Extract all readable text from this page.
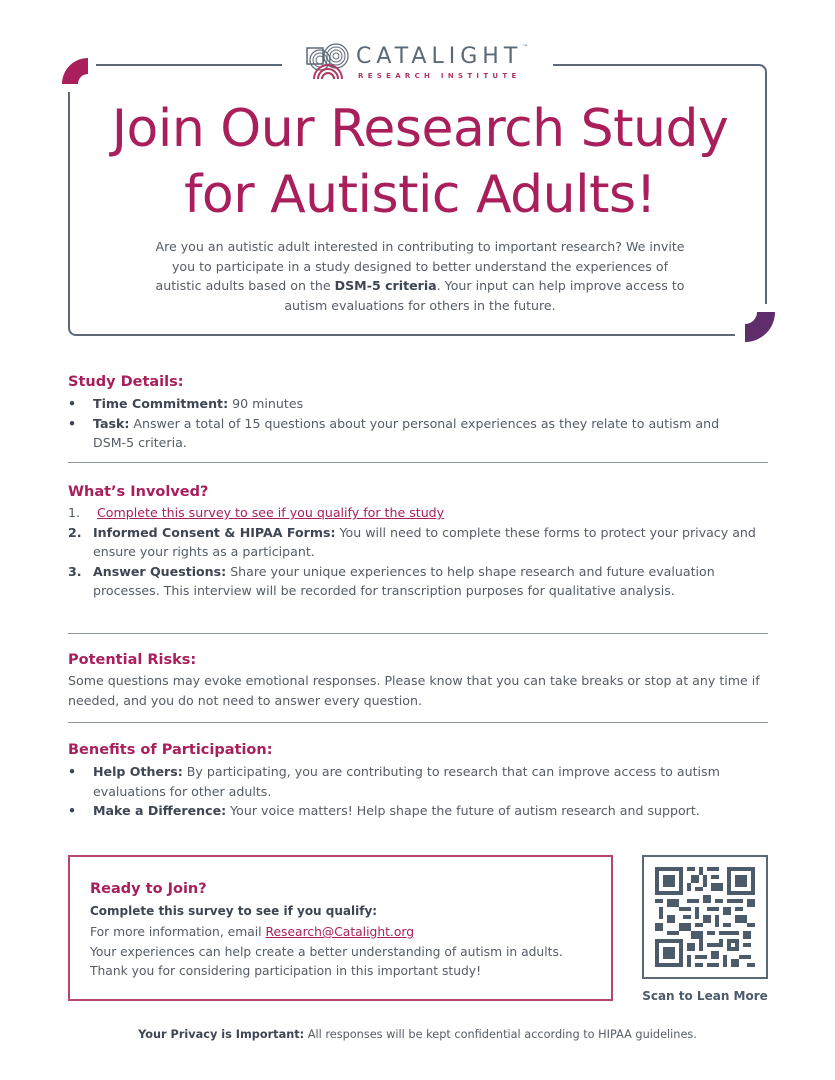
CATALIGHT™
RESEARCH INSTITUTE
Join Our Research Study
for Autistic Adults!

Are you an autistic adult interested in contributing to important research? We invite you to participate in a study designed to better understand the experiences of autistic adults based on the DSM-5 criteria. Your input can help improve access to autism evaluations for others in the future.

Study Details:
• Time Commitment: 90 minutes
• Task: Answer a total of 15 questions about your personal experiences as they relate to autism and DSM-5 criteria.
What’s Involved?
1. Complete this survey to see if you qualify for the study
2. Informed Consent & HIPAA Forms: You will need to complete these forms to protect your privacy and ensure your rights as a participant.
3. Answer Questions: Share your unique experiences to help shape research and future evaluation processes. This interview will be recorded for transcription purposes for qualitative analysis.
Potential Risks:

Some questions may evoke emotional responses. Please know that you can take breaks or stop at any time if needed, and you do not need to answer every question.

Benefits of Participation:
• Help Others: By participating, you are contributing to research that can improve access to autism evaluations for other adults.
• Make a Difference: Your voice matters! Help shape the future of autism research and support.
Ready to Join?
Complete this survey to see if you qualify:
For more information, email Research@Catalight.org
Your experiences can help create a better understanding of autism in adults. Thank you for considering participation in this important study!
Scan to Lean More
Your Privacy is Important: All responses will be kept confidential according to HIPAA guidelines.
